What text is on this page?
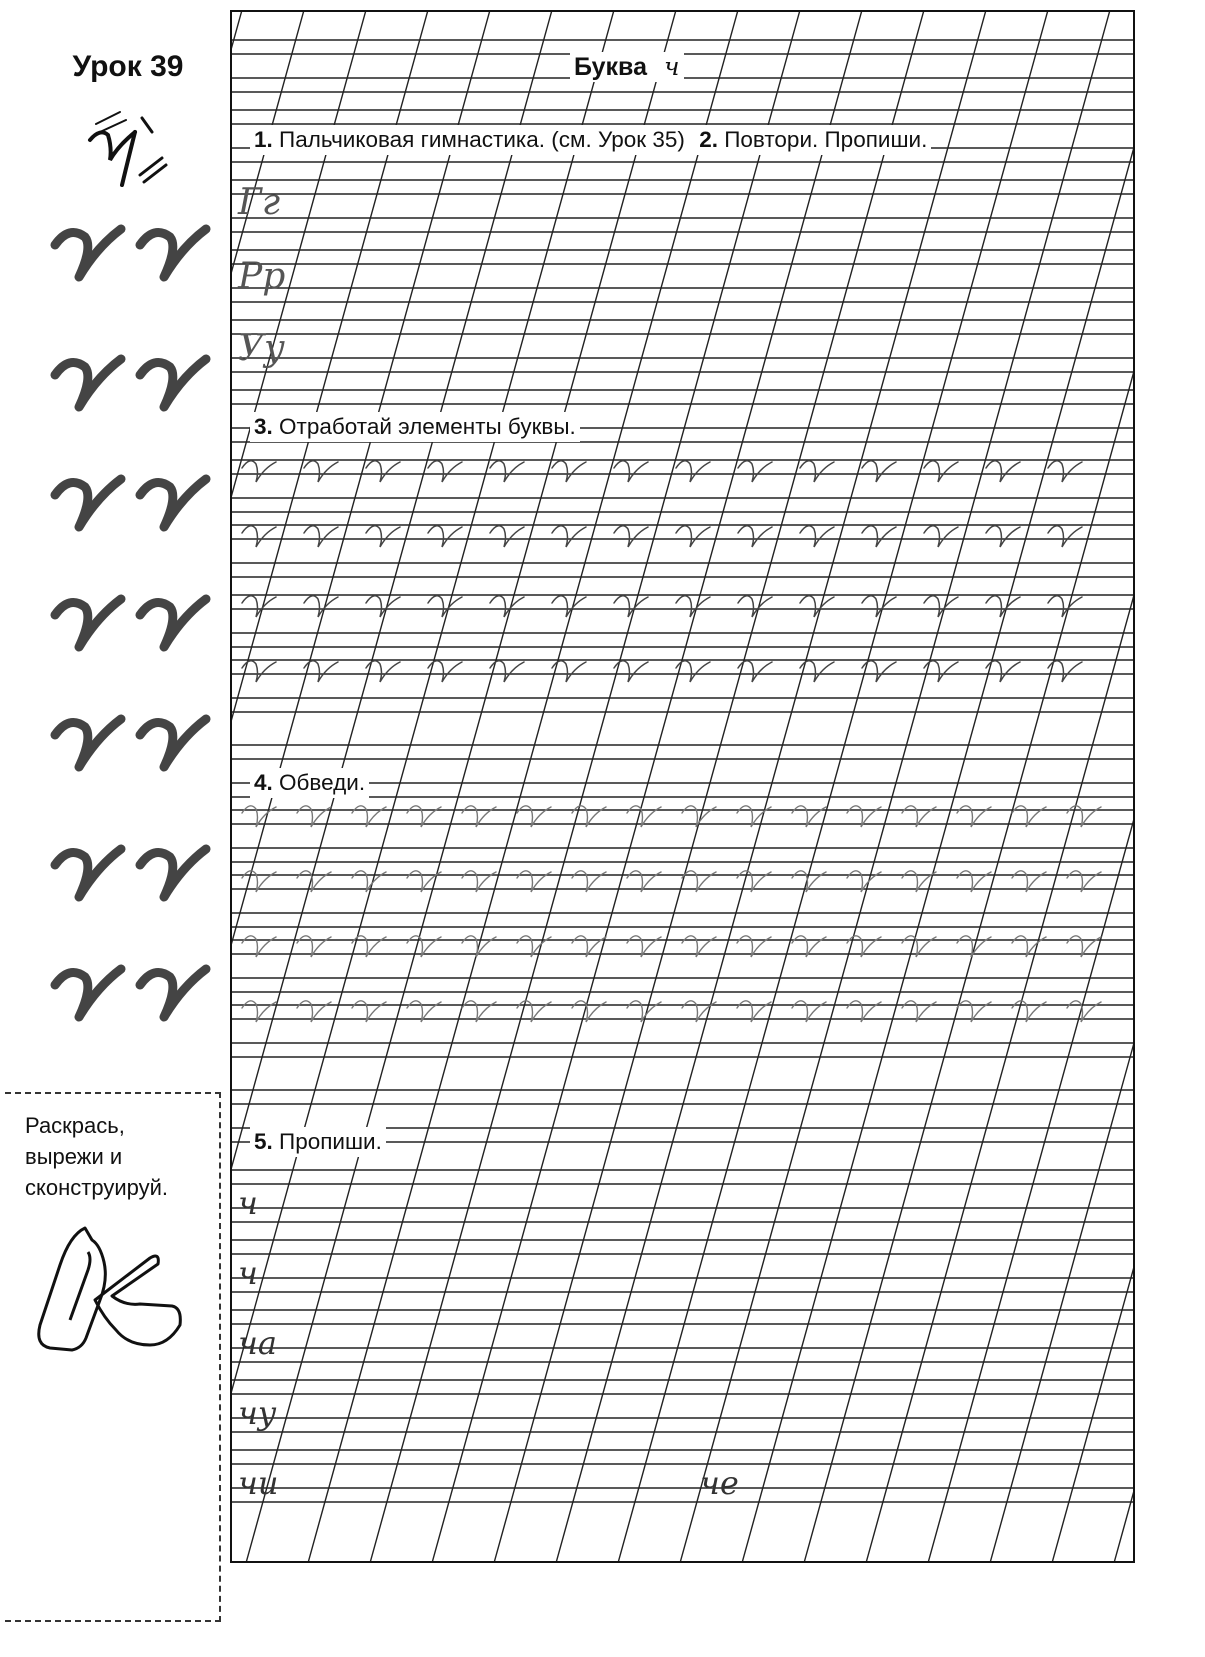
Урок 39
Раскрась,
вырежи и
сконструируй.
Буква ч
1. Пальчиковая гимнастика. (см. Урок 35) 2. Повтори. Пропиши.
3. Отработай элементы буквы.
4. Обведи.
5. Пропиши.
Гг
Рр
Уу
ч
ч
ча
чу
чи	че
